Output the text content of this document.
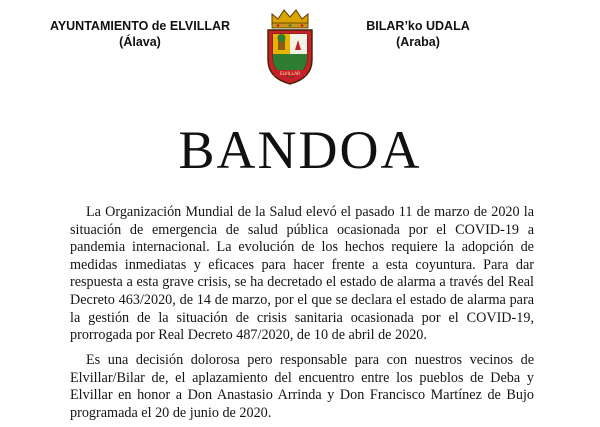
AYUNTAMIENTO de ELVILLAR
(Álava)
ELVILLAR
BILAR’ko UDALA
(Araba)
BANDOA
La Organización Mundial de la Salud elevó el pasado 11 de marzo de 2020 la situación de emergencia de salud pública ocasionada por el COVID-19 a pandemia internacional. La evolución de los hechos requiere la adopción de medidas inmediatas y eficaces para hacer frente a esta coyuntura. Para dar respuesta a esta grave crisis, se ha decretado el estado de alarma a través del Real Decreto 463/2020, de 14 de marzo, por el que se declara el estado de alarma para la gestión de la situación de crisis sanitaria ocasionada por el COVID-19, prorrogada por Real Decreto 487/2020, de 10 de abril de 2020.
Es una decisión dolorosa pero responsable para con nuestros vecinos de Elvillar/Bilar de, el aplazamiento del encuentro entre los pueblos de Deba y Elvillar en honor a Don Anastasio Arrinda y Don Francisco Martínez de Bujo programada el 20 de junio de 2020.
